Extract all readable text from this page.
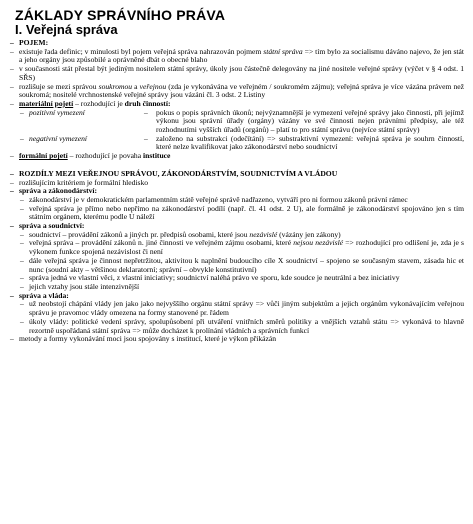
ZÁKLADY SPRÁVNÍHO PRÁVA
I. Veřejná správa
– POJEM:
– existuje řada definic; v minulosti byl pojem veřejná správa nahrazován pojmem státní správa => tím bylo za socialismu dáváno najevo, že jen stát a jeho orgány jsou způsobilé a oprávněné dbát o obecné blaho
– v současnosti stát přestal být jediným nositelem státní správy, úkoly jsou částečně delegovány na jiné nositele veřejné správy (výčet v § 4 odst. 1 SŘS)
– rozlišuje se mezi správou soukromou a veřejnou (zda je vykonávána ve veřejném / soukromém zájmu); veřejná správa je více vázána právem než soukromá; nositelé vrchnostenské veřejné správy jsou vázáni čl. 3 odst. 2 Listiny
– materiální pojetí – rozhodující je druh činností:
– pozitivní vymezení	– pokus o popis správních úkonů; nejvýznamnější je vymezení veřejné správy jako činnosti, při jejímž výkonu jsou správní úřady (orgány) vázány ve své činnosti nejen právními předpisy, ale též rozhodnutími vyšších úřadů (orgánů) – platí to pro státní správu (nejvíce státní správy)
– negativní vymezení	– založeno na substrakci (odečítání) => substraktivní vymezení: veřejná správa je souhrn činností, které nelze kvalifikovat jako zákonodárství nebo soudnictví
– formální pojetí – rozhodující je povaha instituce
– ROZDÍLY MEZI VEŘEJNOU SPRÁVOU, ZÁKONODÁRSTVÍM, SOUDNICTVÍM A VLÁDOU
– rozlišujícím kritériem je formální hledisko
– správa a zákonodárství:
– zákonodárství je v demokratickém parlamentním státě veřejné správě nadřazeno, vytváří pro ni formou zákonů právní rámec
– veřejná správa je přímo nebo nepřímo na zákonodárství podílí (např. čl. 41 odst. 2 U), ale formálně je zákonodárství spojováno jen s tím státním orgánem, kterému podle U náleží
– správa a soudnictví:
– soudnictví – provádění zákonů a jiných pr. předpisů osobami, které jsou nezávislé (vázány jen zákony)
– veřejná správa – provádění zákonů n. jiné činnosti ve veřejném zájmu osobami, které nejsou nezávislé => rozhodující pro odlišení je, zda je s výkonem funkce spojená nezávislost či není
– dále veřejná správa je činnost nepřetržitou, aktivitou k naplnění budoucího cíle X soudnictví – spojeno se současným stavem, zásada hic et nunc (soudní akty – většinou deklaratorní; správní – obvykle konstitutivní)
– správa jedná ve vlastní věci, z vlastní iniciativy; soudnictví naléhá právo ve sporu, kde soudce je neutrální a bez iniciativy
– jejich vztahy jsou stále intenzivnější
– správa a vláda:
– už neobstojí chápání vlády jen jako jako nejvyššího orgánu státní správy => vůči jiným subjektům a jejich orgánům vykonávajícím veřejnou správu je pravomoc vlády omezena na formy stanovené pr. řádem
– úkoly vlády: politické vedení správy, spolupůsobení při utváření vnitřních směrů politiky a vnějších vztahů státu => vykonává to hlavně rezortně uspořádaná státní správa => může docházet k prolínání vládních a správních funkcí
– metody a formy vykonávání moci jsou spojovány s institucí, které je výkon přikázán
